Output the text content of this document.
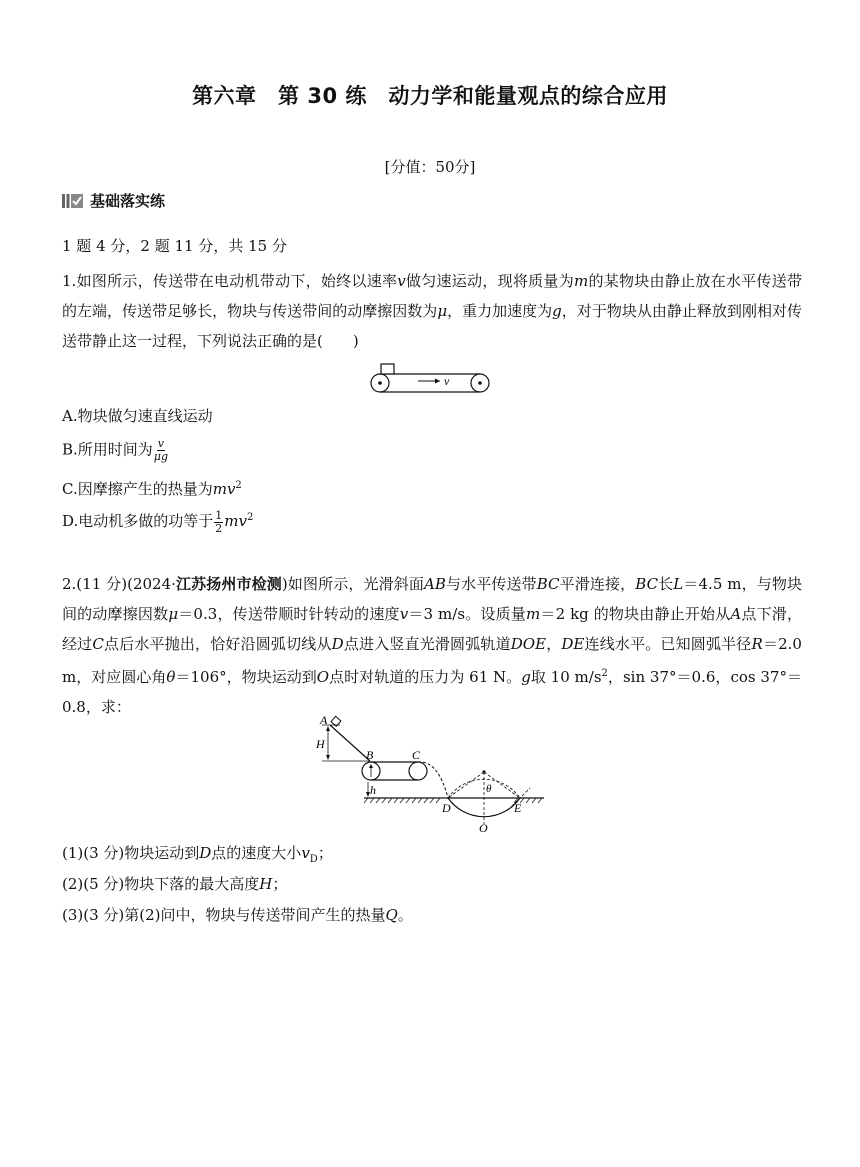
第六章　第 30 练　动力学和能量观点的综合应用
[分值：50分]
基础落实练
1 题 4 分，2 题 11 分，共 15 分
1.如图所示，传送带在电动机带动下，始终以速率v做匀速运动，现将质量为m的某物块由静止放在水平传送带的左端，传送带足够长，物块与传送带间的动摩擦因数为μ，重力加速度为g，对于物块从由静止释放到刚相对传送带静止这一过程，下列说法正确的是(　　)
v
A.物块做匀速直线运动
B.所用时间为 $\frac{v}{\mu g}$
C.因摩擦产生的热量为$mv^2$
D.电动机多做的功等于 $\frac{1}{2} mv^2$
2.(11 分)(2024·江苏扬州市检测)如图所示，光滑斜面AB与水平传送带BC平滑连接，BC长L＝4.5 m，与物块间的动摩擦因数μ＝0.3，传送带顺时针转动的速度v＝3 m/s。设质量m＝2 kg 的物块由静止开始从A点下滑，经过C点后水平抛出，恰好沿圆弧切线从D点进入竖直光滑圆弧轨道DOE，DE连线水平。已知圆弧半径R＝2.0 m，对应圆心角θ＝106°，物块运动到O点时对轨道的压力为 61 N。g取 10 $m/s^2$，sin 37°＝0.6，cos 37°＝0.8，求：
A
H
B	C
h
D
O
E
θ
(1)(3 分)物块运动到D点的速度大小$v_D$；
(2)(5 分)物块下落的最大高度H；
(3)(3 分)第(2)问中，物块与传送带间产生的热量Q。
